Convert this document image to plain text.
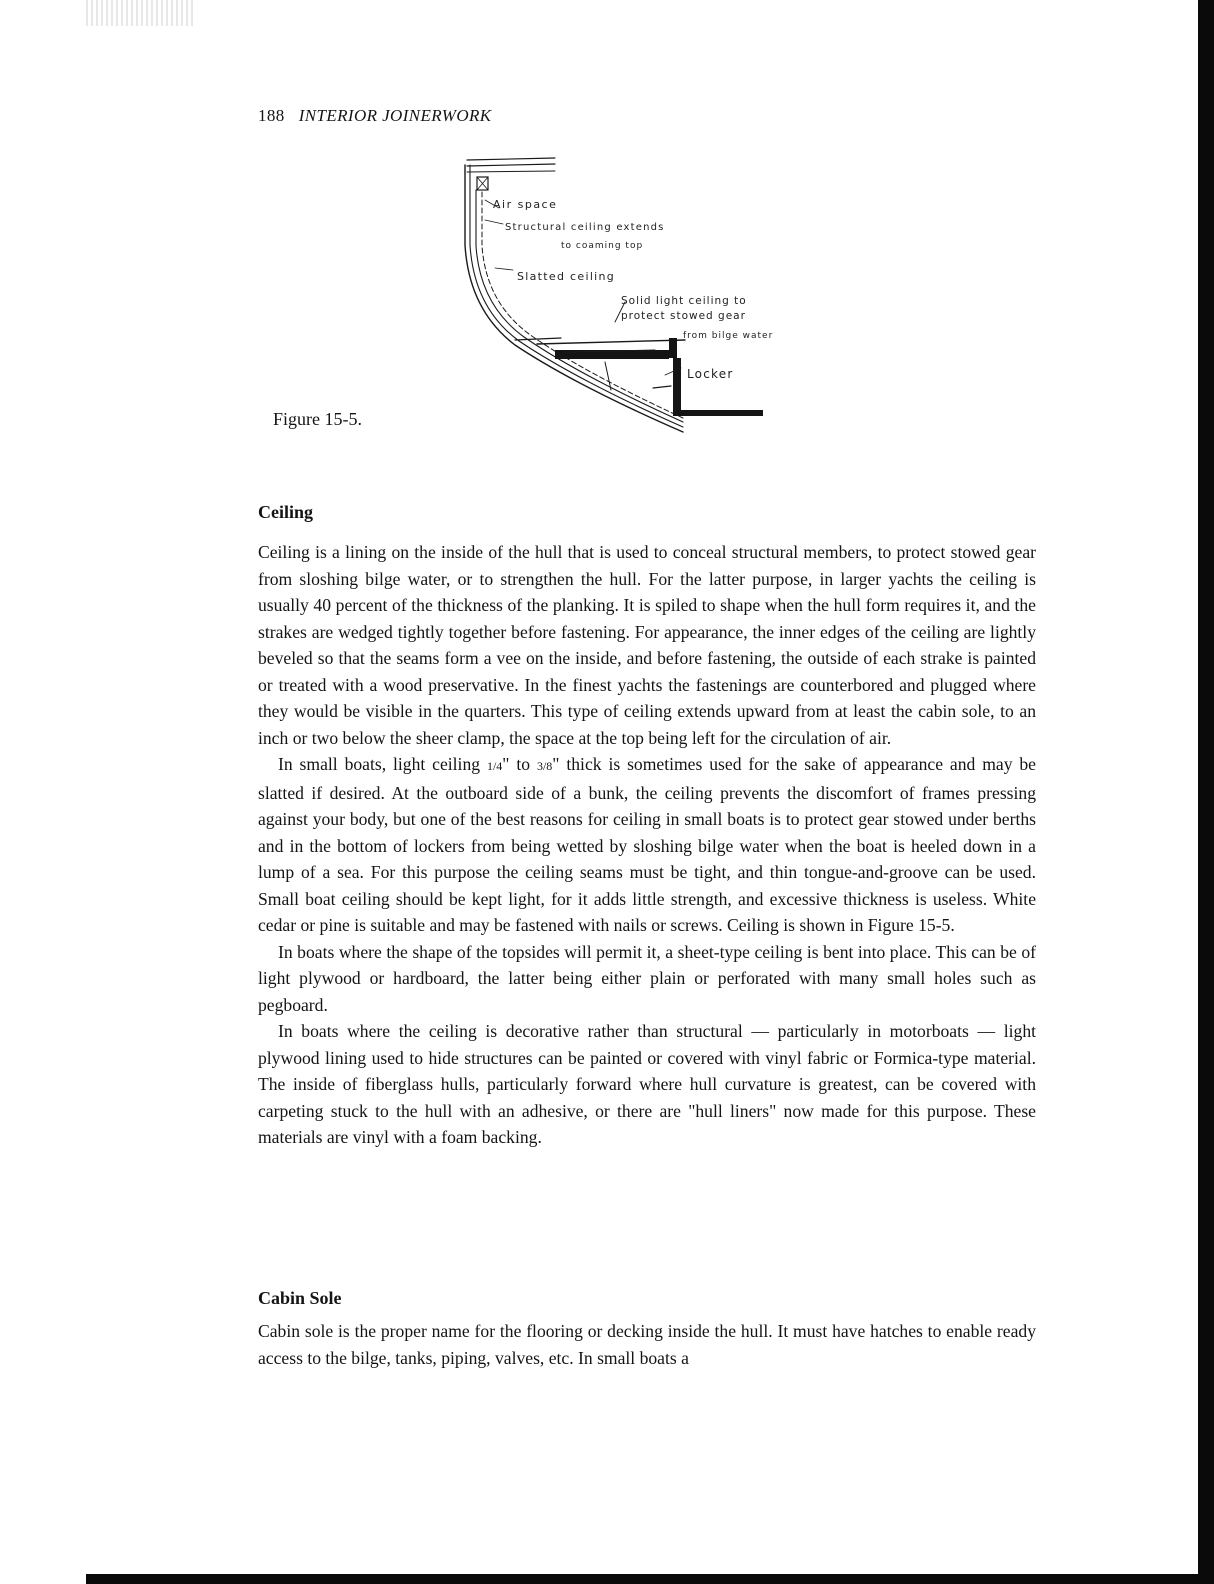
188 INTERIOR JOINERWORK
Air space
Structural ceiling extends
to coaming top
Slatted ceiling
Solid light ceiling to
protect stowed gear
from bilge water
Locker
Figure 15-5.
Ceiling

Ceiling is a lining on the inside of the hull that is used to conceal structural members, to protect stowed gear from sloshing bilge water, or to strengthen the hull. For the latter purpose, in larger yachts the ceiling is usually 40 percent of the thickness of the planking. It is spiled to shape when the hull form requires it, and the strakes are wedged tightly together before fastening. For appearance, the inner edges of the ceiling are lightly beveled so that the seams form a vee on the inside, and before fastening, the outside of each strake is painted or treated with a wood preservative. In the finest yachts the fastenings are counterbored and plugged where they would be visible in the quarters. This type of ceiling extends upward from at least the cabin sole, to an inch or two below the sheer clamp, the space at the top being left for the circulation of air.

In small boats, light ceiling 1/4" to 3/8" thick is sometimes used for the sake of appearance and may be slatted if desired. At the outboard side of a bunk, the ceiling prevents the discomfort of frames pressing against your body, but one of the best reasons for ceiling in small boats is to protect gear stowed under berths and in the bottom of lockers from being wetted by sloshing bilge water when the boat is heeled down in a lump of a sea. For this purpose the ceiling seams must be tight, and thin tongue-and-groove can be used. Small boat ceiling should be kept light, for it adds little strength, and excessive thickness is useless. White cedar or pine is suitable and may be fastened with nails or screws. Ceiling is shown in Figure 15-5.

In boats where the shape of the topsides will permit it, a sheet-type ceiling is bent into place. This can be of light plywood or hardboard, the latter being either plain or perforated with many small holes such as pegboard.

In boats where the ceiling is decorative rather than structural — particularly in motorboats — light plywood lining used to hide structures can be painted or covered with vinyl fabric or Formica-type material. The inside of fiberglass hulls, particularly forward where hull curvature is greatest, can be covered with carpeting stuck to the hull with an adhesive, or there are "hull liners" now made for this purpose. These materials are vinyl with a foam backing.

Cabin Sole

Cabin sole is the proper name for the flooring or decking inside the hull. It must have hatches to enable ready access to the bilge, tanks, piping, valves, etc. In small boats a
